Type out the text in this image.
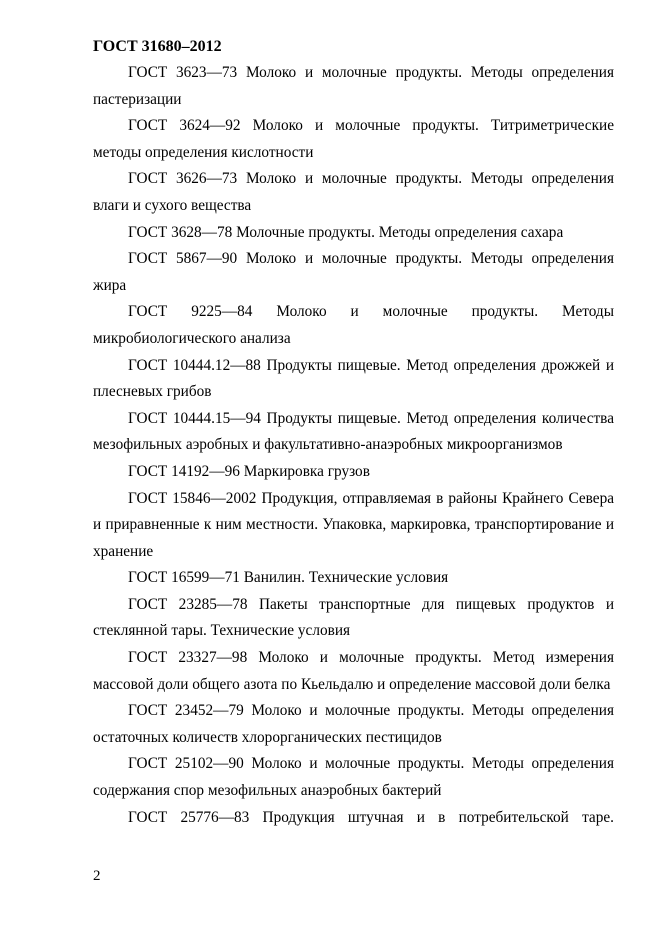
ГОСТ 31680–2012

ГОСТ 3623—73 Молоко и молочные продукты. Методы определения пастеризации

ГОСТ 3624—92 Молоко и молочные продукты. Титриметрические методы определения кислотности

ГОСТ 3626—73 Молоко и молочные продукты. Методы определения влаги и сухого вещества

ГОСТ 3628—78 Молочные продукты. Методы определения сахара

ГОСТ 5867—90 Молоко и молочные продукты. Методы определения жира

ГОСТ 9225—84 Молоко и молочные продукты. Методы микробиологического анализа

ГОСТ 10444.12—88 Продукты пищевые. Метод определения дрожжей и плесневых грибов

ГОСТ 10444.15—94 Продукты пищевые. Метод определения количества мезофильных аэробных и факультативно-анаэробных микроорганизмов

ГОСТ 14192—96 Маркировка грузов

ГОСТ 15846—2002 Продукция, отправляемая в районы Крайнего Севера и приравненные к ним местности. Упаковка, маркировка, транспортирование и хранение

ГОСТ 16599—71 Ванилин. Технические условия

ГОСТ 23285—78 Пакеты транспортные для пищевых продуктов и стеклянной тары. Технические условия

ГОСТ 23327—98 Молоко и молочные продукты. Метод измерения массовой доли общего азота по Кьельдалю и определение массовой доли белка

ГОСТ 23452—79 Молоко и молочные продукты. Методы определения остаточных количеств хлорорганических пестицидов

ГОСТ 25102—90 Молоко и молочные продукты. Методы определения содержания спор мезофильных анаэробных бактерий

ГОСТ 25776—83 Продукция штучная и в потребительской таре.

2
